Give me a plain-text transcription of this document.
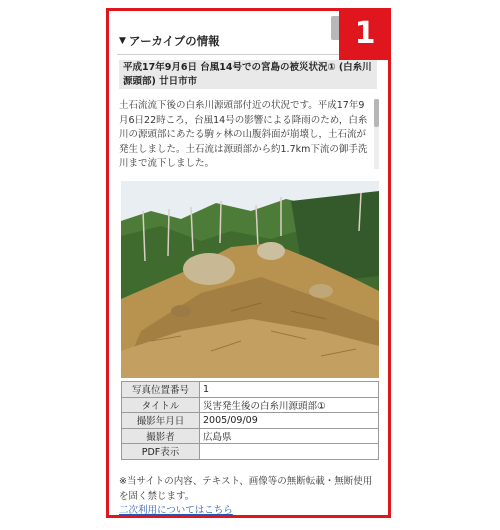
1
▼ アーカイブの情報
平成17年9月6日 台風14号での宮島の被災状況① (白糸川源頭部) 廿日市市
土石流流下後の白糸川源頭部付近の状況です。平成17年9月6日22時ころ，台風14号の影響による降雨のため，白糸川の源頭部にあたる駒ヶ林の山腹斜面が崩壊し，土石流が発生しました。土石流は源頭部から約1.7km下流の御手洗川まで流下しました。
写真位置番号	1
タイトル	災害発生後の白糸川源頭部①
撮影年月日	2005/09/09
撮影者	広島県
PDF表示	
※当サイトの内容、テキスト、画像等の無断転載・無断使用を固く禁じます。
二次利用についてはこちら
